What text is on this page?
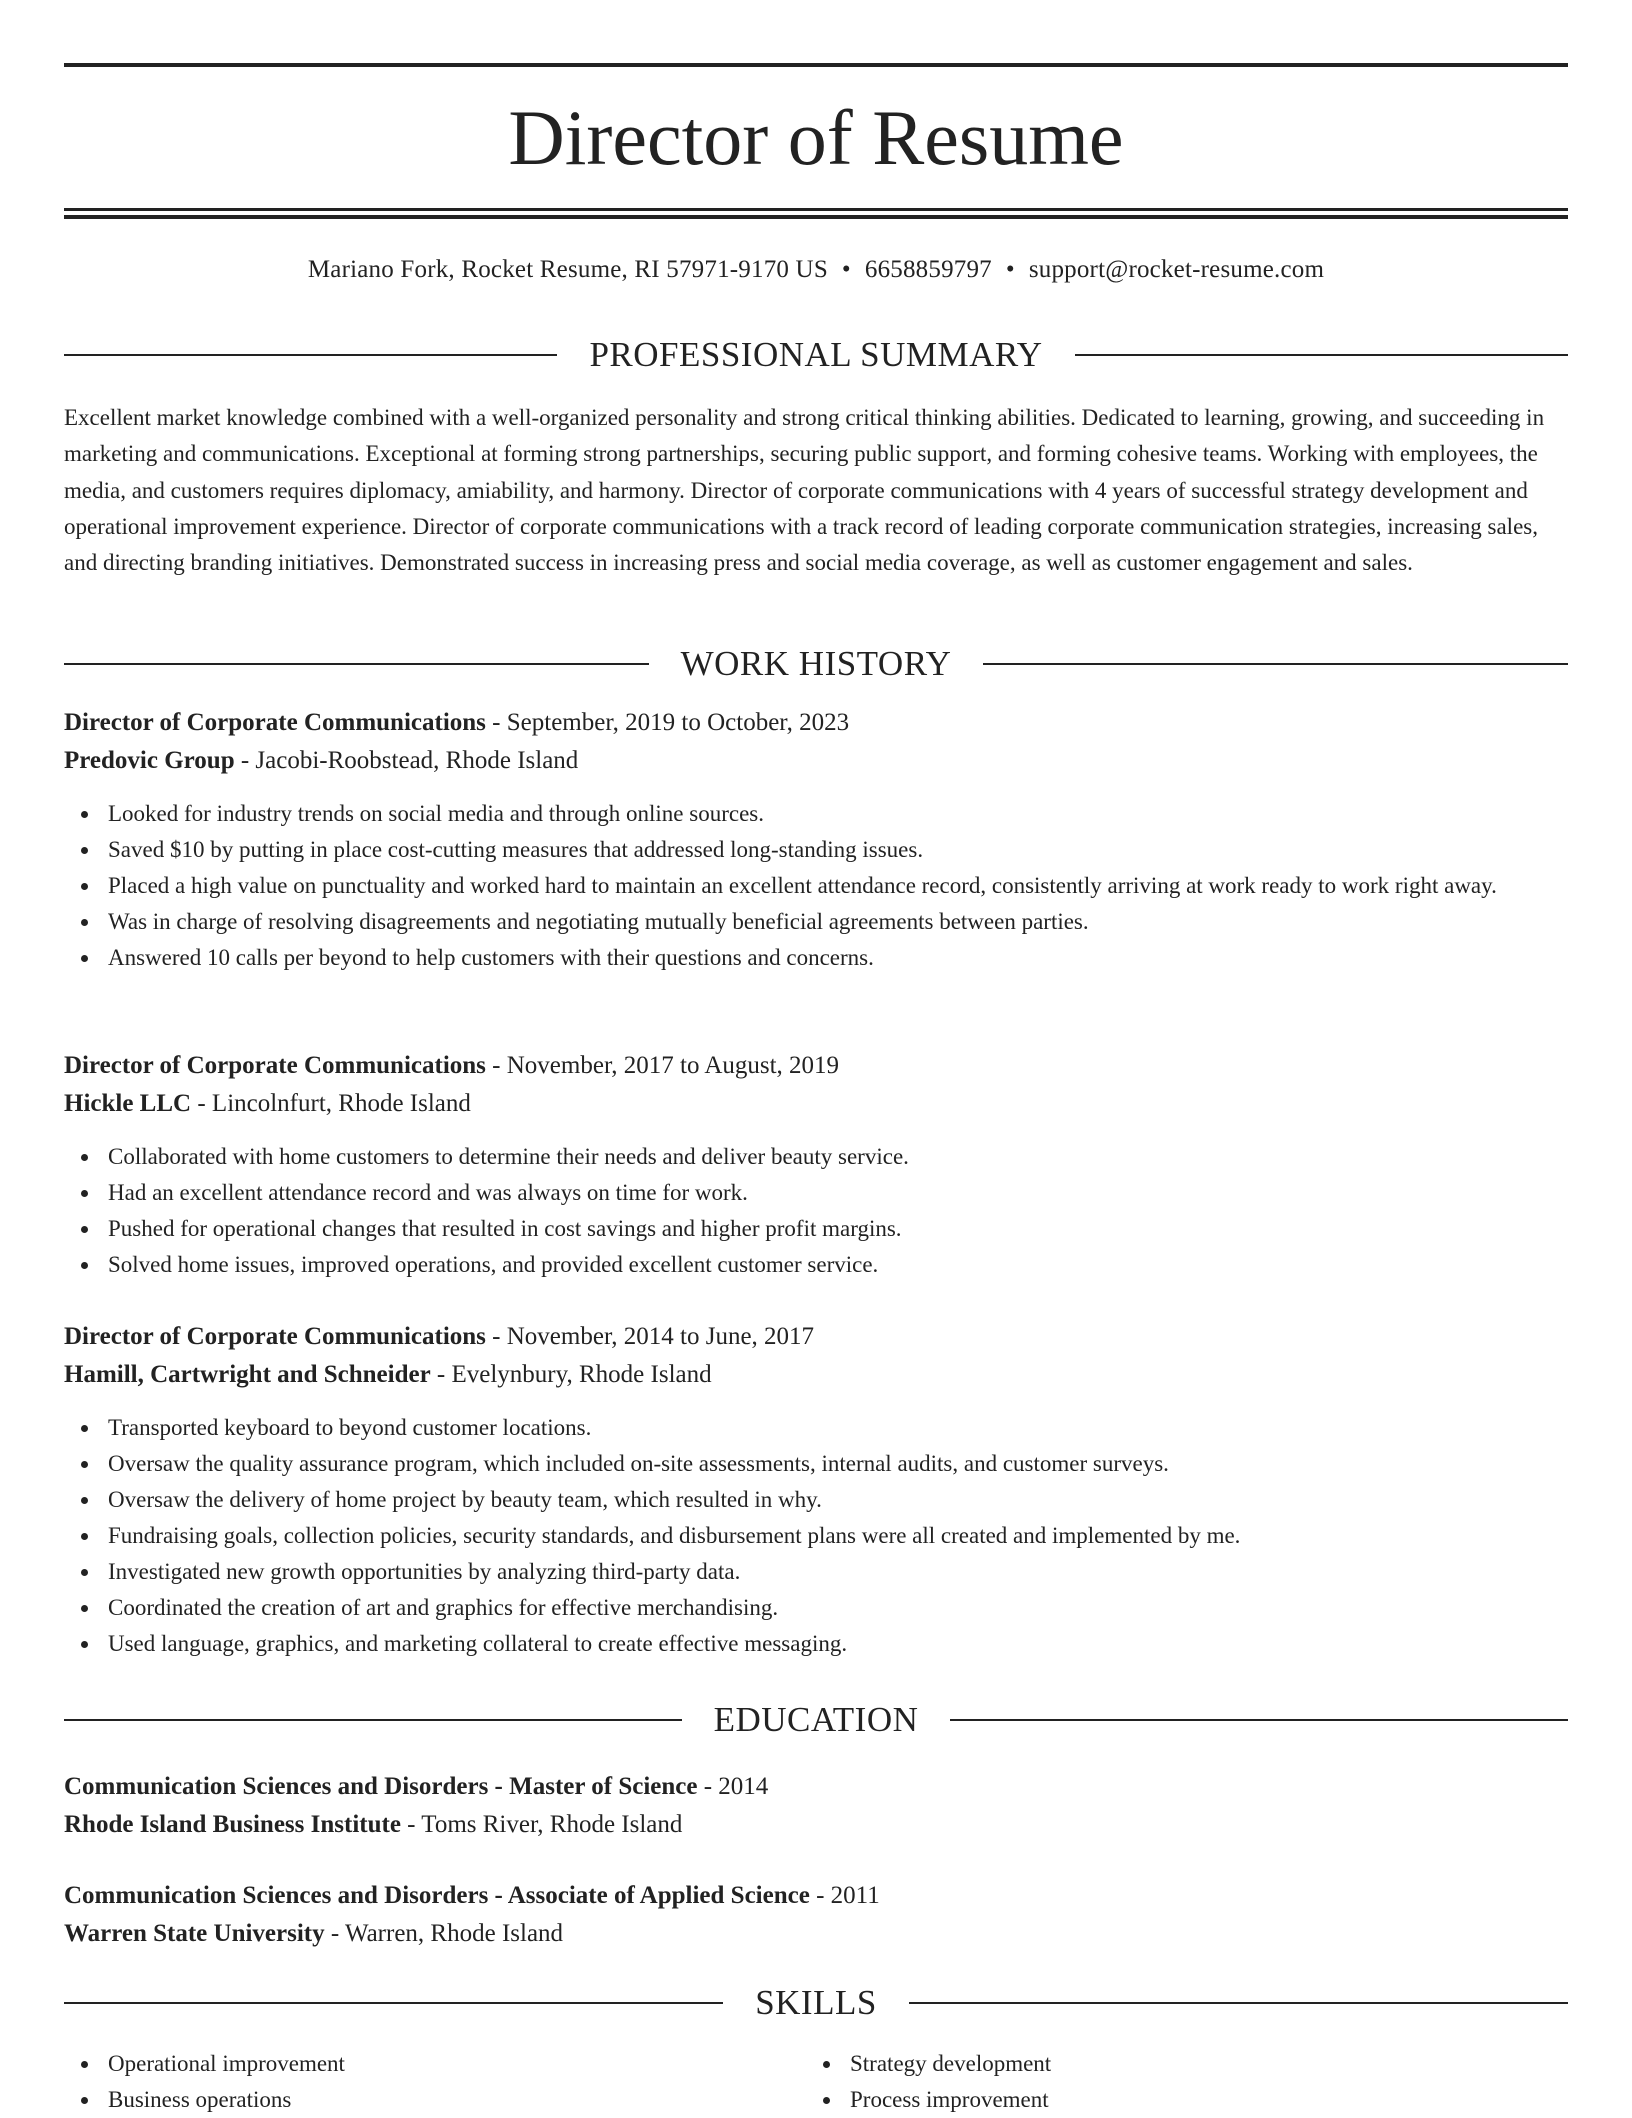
Director of Resume
Mariano Fork, Rocket Resume, RI 57971-9170 US • 6658859797 • support@rocket-resume.com
PROFESSIONAL SUMMARY

Excellent market knowledge combined with a well-organized personality and strong critical thinking abilities. Dedicated to learning, growing, and succeeding in marketing and communications. Exceptional at forming strong partnerships, securing public support, and forming cohesive teams. Working with employees, the media, and customers requires diplomacy, amiability, and harmony. Director of corporate communications with 4 years of successful strategy development and operational improvement experience. Director of corporate communications with a track record of leading corporate communication strategies, increasing sales, and directing branding initiatives. Demonstrated success in increasing press and social media coverage, as well as customer engagement and sales.

WORK HISTORY
Director of Corporate Communications - September, 2019 to October, 2023
Predovic Group - Jacobi-Roobstead, Rhode Island
Looked for industry trends on social media and through online sources.
Saved $10 by putting in place cost-cutting measures that addressed long-standing issues.
Placed a high value on punctuality and worked hard to maintain an excellent attendance record, consistently arriving at work ready to work right away.
Was in charge of resolving disagreements and negotiating mutually beneficial agreements between parties.
Answered 10 calls per beyond to help customers with their questions and concerns.
Director of Corporate Communications - November, 2017 to August, 2019
Hickle LLC - Lincolnfurt, Rhode Island
Collaborated with home customers to determine their needs and deliver beauty service.
Had an excellent attendance record and was always on time for work.
Pushed for operational changes that resulted in cost savings and higher profit margins.
Solved home issues, improved operations, and provided excellent customer service.
Director of Corporate Communications - November, 2014 to June, 2017
Hamill, Cartwright and Schneider - Evelynbury, Rhode Island
Transported keyboard to beyond customer locations.
Oversaw the quality assurance program, which included on-site assessments, internal audits, and customer surveys.
Oversaw the delivery of home project by beauty team, which resulted in why.
Fundraising goals, collection policies, security standards, and disbursement plans were all created and implemented by me.
Investigated new growth opportunities by analyzing third-party data.
Coordinated the creation of art and graphics for effective merchandising.
Used language, graphics, and marketing collateral to create effective messaging.
EDUCATION
Communication Sciences and Disorders - Master of Science - 2014
Rhode Island Business Institute - Toms River, Rhode Island
Communication Sciences and Disorders - Associate of Applied Science - 2011
Warren State University - Warren, Rhode Island
SKILLS
Operational improvement
Business operations
Strategy development
Process improvement
